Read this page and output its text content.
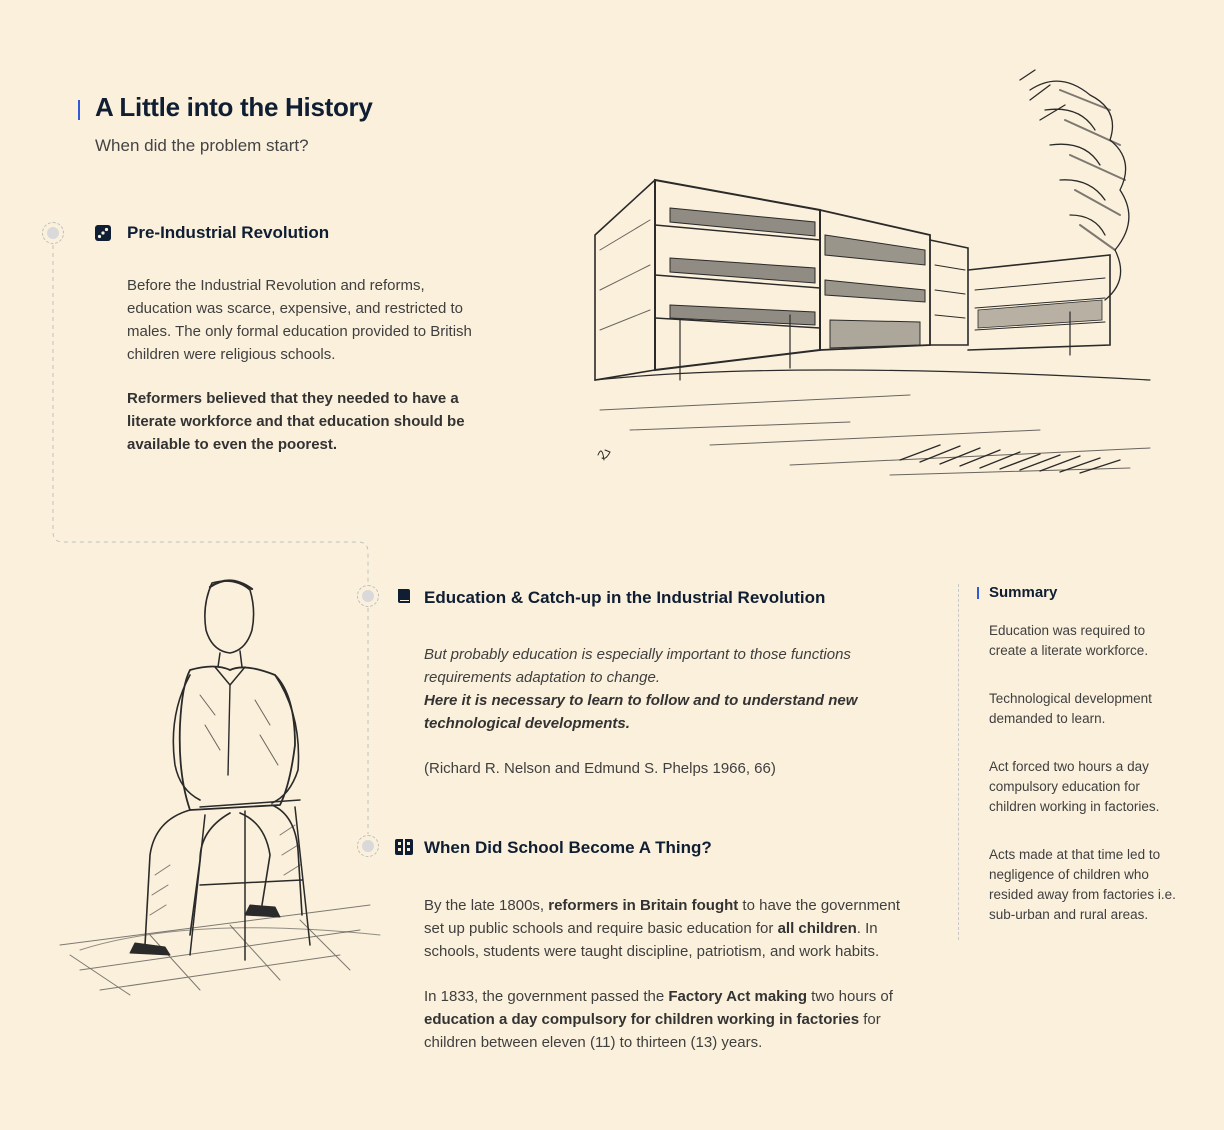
A Little into the History
When did the problem start?
Pre-Industrial Revolution
Before the Industrial Revolution and reforms, education was scarce, expensive, and restricted to males. The only formal education provided to British children were religious schools.
Reformers believed that they needed to have a literate workforce and that education should be available to even the poorest.
Education & Catch-up in the Industrial Revolution
But probably education is especially important to those functions requirements adaptation to change.
Here it is necessary to learn to follow and to understand new technological developments.
(Richard R. Nelson and Edmund S. Phelps 1966, 66)
When Did School Become A Thing?
By the late 1800s, reformers in Britain fought to have the government set up public schools and require basic education for all children. In schools, students were taught discipline, patriotism, and work habits.
In 1833, the government passed the Factory Act making two hours of education a day compulsory for children working in factories for children between eleven (11) to thirteen (13) years.
Summary
Education was required to create a literate workforce.
Technological development demanded to learn.
Act forced two hours a day compulsory education for children working in factories.
Acts made at that time led to negligence of children who resided away from factories i.e. sub-urban and rural areas.
